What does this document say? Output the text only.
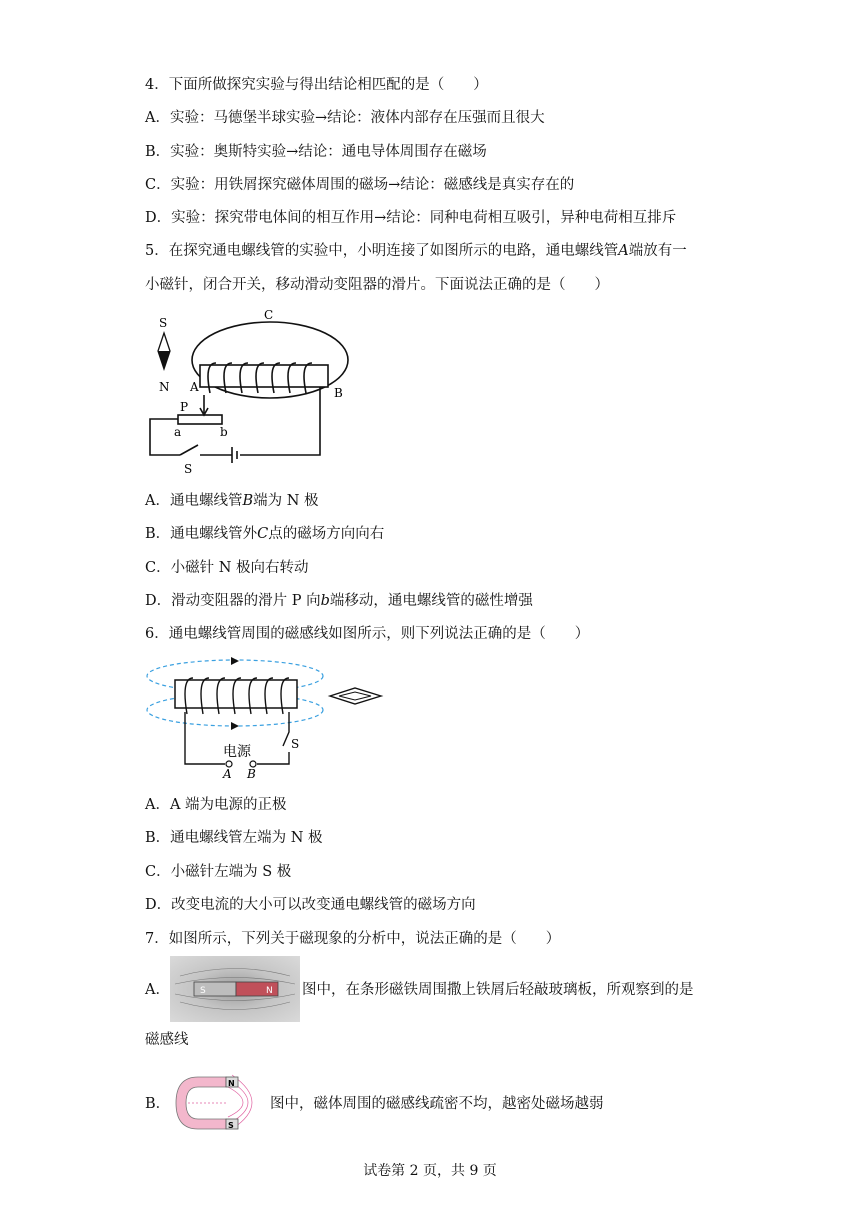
4．下面所做探究实验与得出结论相匹配的是（　　）
A．实验：马德堡半球实验→结论：液体内部存在压强而且很大
B．实验：奥斯特实验→结论：通电导体周围存在磁场
C．实验：用铁屑探究磁体周围的磁场→结论：磁感线是真实存在的
D．实验：探究带电体间的相互作用→结论：同种电荷相互吸引，异种电荷相互排斥
5．在探究通电螺线管的实验中，小明连接了如图所示的电路，通电螺线管A端放有一
小磁针，闭合开关，移动滑动变阻器的滑片。下面说法正确的是（　　）
S
N
C
A	B
P
a	b
S
A．通电螺线管B端为 N 极
B．通电螺线管外C点的磁场方向向右
C．小磁针 N 极向右转动
D．滑动变阻器的滑片 P 向b端移动，通电螺线管的磁性增强
6．通电螺线管周围的磁感线如图所示，则下列说法正确的是（　　）
电源
A B
S
A．A 端为电源的正极
B．通电螺线管左端为 N 极
C．小磁针左端为 S 极
D．改变电流的大小可以改变通电螺线管的磁场方向
7．如图所示，下列关于磁现象的分析中，说法正确的是（　　）
A．	S	N 图中，在条形磁铁周围撒上铁屑后轻敲玻璃板，所观察到的是
磁感线
B．
N
S
图中，磁体周围的磁感线疏密不均，越密处磁场越弱
试卷第 2 页，共 9 页
